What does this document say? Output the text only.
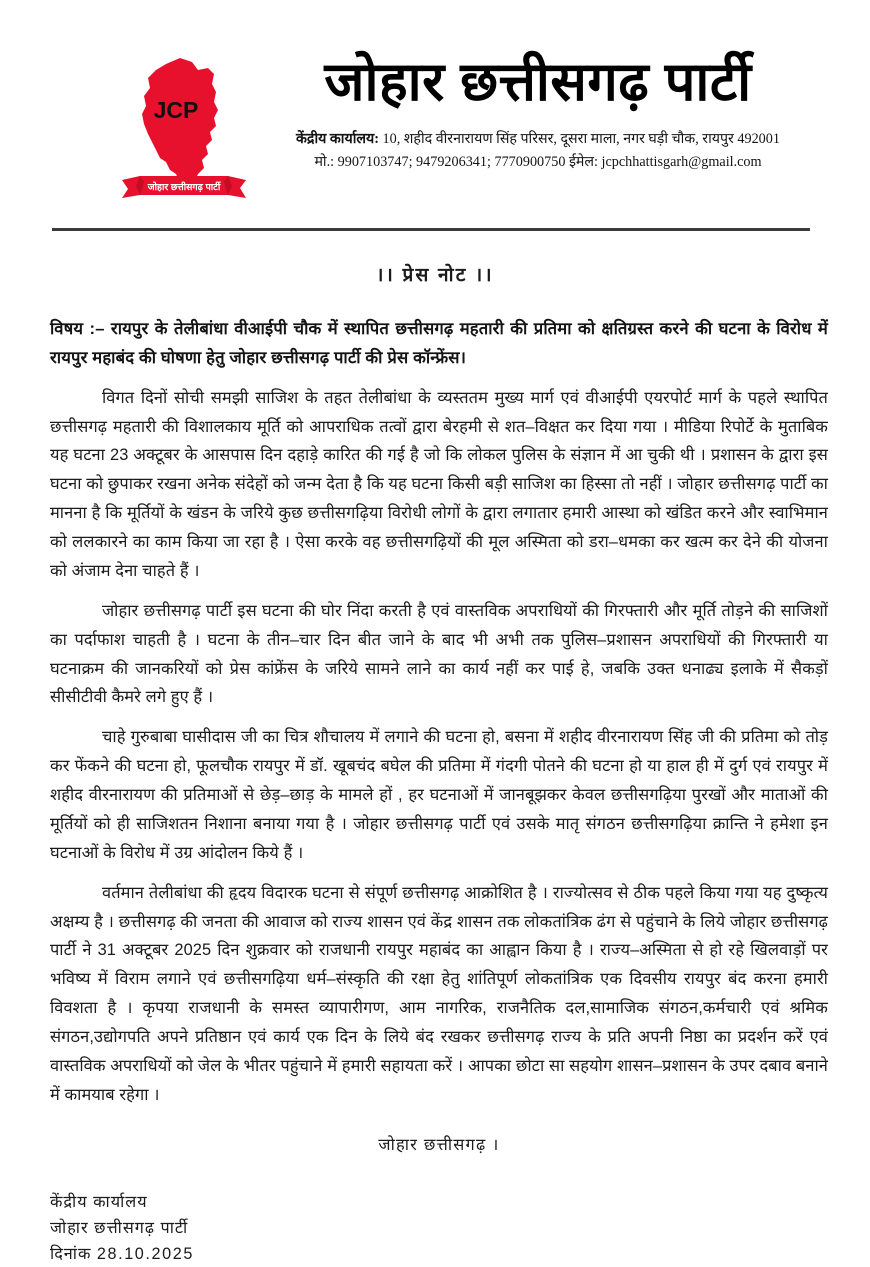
JCP
जोहार छत्तीसगढ़ पार्टी
जोहार छत्तीसगढ़ पार्टी
केंद्रीय कार्यालय: 10, शहीद वीरनारायण सिंह परिसर, दूसरा माला, नगर घड़ी चौक, रायपुर 492001
मो.: 9907103747; 9479206341; 7770900750 ईमेल: jcpchhattisgarh@gmail.com
।। प्रेस नोट ।।
विषय :– रायपुर के तेलीबांधा वीआईपी चौक में स्थापित छत्तीसगढ़ महतारी की प्रतिमा को क्षतिग्रस्त करने की घटना के विरोध में रायपुर महाबंद की घोषणा हेतु जोहार छत्तीसगढ़ पार्टी की प्रेस कॉन्फ्रेंस।

विगत दिनों सोची समझी साजिश के तहत तेलीबांधा के व्यस्ततम मुख्य मार्ग एवं वीआईपी एयरपोर्ट मार्ग के पहले स्थापित छत्तीसगढ़ महतारी की विशालकाय मूर्ति को आपराधिक तत्वों द्वारा बेरहमी से शत–विक्षत कर दिया गया । मीडिया रिपोर्टे के मुताबिक यह घटना 23 अक्टूबर के आसपास दिन दहाड़े कारित की गई है जो कि लोकल पुलिस के संज्ञान में आ चुकी थी । प्रशासन के द्वारा इस घटना को छुपाकर रखना अनेक संदेहों को जन्म देता है कि यह घटना किसी बड़ी साजिश का हिस्सा तो नहीं । जोहार छत्तीसगढ़ पार्टी का मानना है कि मूर्तियों के खंडन के जरिये कुछ छत्तीसगढ़िया विरोधी लोगों के द्वारा लगातार हमारी आस्था को खंडित करने और स्वाभिमान को ललकारने का काम किया जा रहा है । ऐसा करके वह छत्तीसगढ़ियों की मूल अस्मिता को डरा–धमका कर खत्म कर देने की योजना को अंजाम देना चाहते हैं ।

जोहार छत्तीसगढ़ पार्टी इस घटना की घोर निंदा करती है एवं वास्तविक अपराधियों की गिरफ्तारी और मूर्ति तोड़ने की साजिशों का पर्दाफाश चाहती है । घटना के तीन–चार दिन बीत जाने के बाद भी अभी तक पुलिस–प्रशासन अपराधियों की गिरफ्तारी या घटनाक्रम की जानकरियों को प्रेस कांफ्रेंस के जरिये सामने लाने का कार्य नहीं कर पाई हे, जबकि उक्त धनाढ्य इलाके में सैकड़ों सीसीटीवी कैमरे लगे हुए हैं ।

चाहे गुरुबाबा घासीदास जी का चित्र शौचालय में लगाने की घटना हो, बसना में शहीद वीरनारायण सिंह जी की प्रतिमा को तोड़ कर फेंकने की घटना हो, फूलचौक रायपुर में डॉ. खूबचंद बघेल की प्रतिमा में गंदगी पोतने की घटना हो या हाल ही में दुर्ग एवं रायपुर में शहीद वीरनारायण की प्रतिमाओं से छेड़–छाड़ के मामले हों , हर घटनाओं में जानबूझकर केवल छत्तीसगढ़िया पुरखों और माताओं की मूर्तियों को ही साजिशतन निशाना बनाया गया है । जोहार छत्तीसगढ़ पार्टी एवं उसके मातृ संगठन छत्तीसगढ़िया क्रान्ति ने हमेशा इन घटनाओं के विरोध में उग्र आंदोलन किये हैं ।

वर्तमान तेलीबांधा की हृदय विदारक घटना से संपूर्ण छत्तीसगढ़ आक्रोशित है । राज्योत्सव से ठीक पहले किया गया यह दुष्कृत्य अक्षम्य है । छत्तीसगढ़ की जनता की आवाज को राज्य शासन एवं केंद्र शासन तक लोकतांत्रिक ढंग से पहुंचाने के लिये जोहार छत्तीसगढ़ पार्टी ने 31 अक्टूबर 2025 दिन शुक्रवार को राजधानी रायपुर महाबंद का आह्वान किया है । राज्य–अस्मिता से हो रहे खिलवाड़ों पर भविष्य में विराम लगाने एवं छत्तीसगढ़िया धर्म–संस्कृति की रक्षा हेतु शांतिपूर्ण लोकतांत्रिक एक दिवसीय रायपुर बंद करना हमारी विवशता है । कृपया राजधानी के समस्त व्यापारीगण, आम नागरिक, राजनैतिक दल,सामाजिक संगठन,कर्मचारी एवं श्रमिक संगठन,उद्योगपति अपने प्रतिष्ठान एवं कार्य एक दिन के लिये बंद रखकर छत्तीसगढ़ राज्य के प्रति अपनी निष्ठा का प्रदर्शन करें एवं वास्तविक अपराधियों को जेल के भीतर पहुंचाने में हमारी सहायता करें । आपका छोटा सा सहयोग शासन–प्रशासन के उपर दबाव बनाने में कामयाब रहेगा ।

जोहार छत्तीसगढ़ ।
केंद्रीय कार्यालय
जोहार छत्तीसगढ़ पार्टी
दिनांक 28.10.2025
